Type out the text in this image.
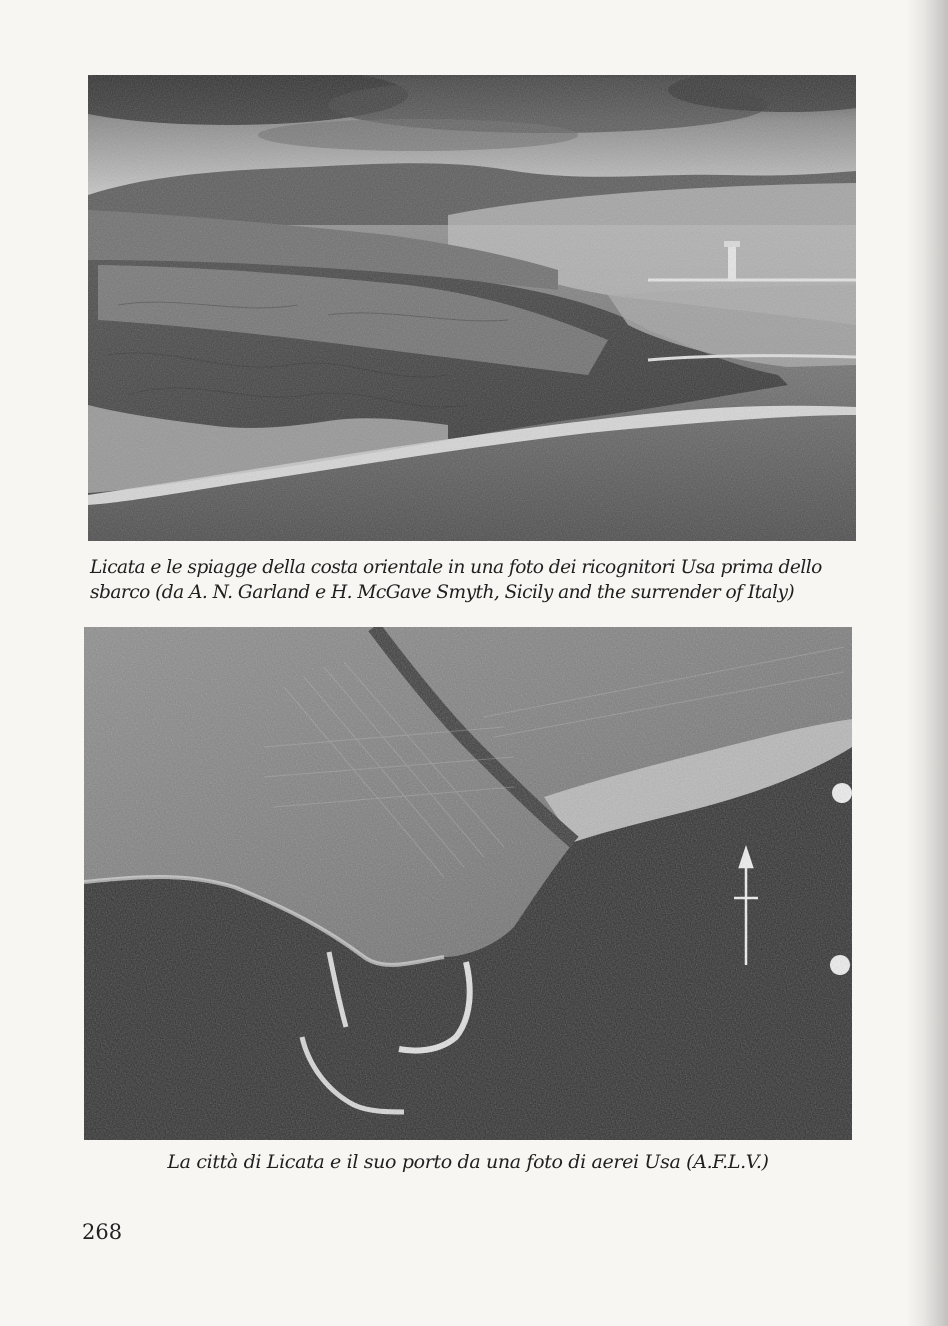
Licata e le spiagge della costa orientale in una foto dei ricognitori Usa prima dello
sbarco (da A. N. Garland e H. McGave Smyth, Sicily and the surrender of Italy)
La città di Licata e il suo porto da una foto di aerei Usa (A.F.L.V.)
268
